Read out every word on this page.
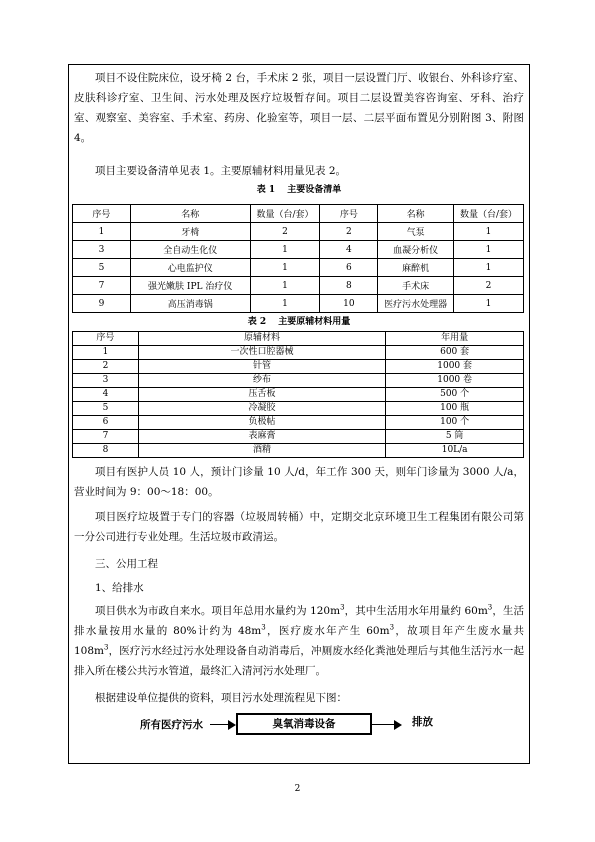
项目不设住院床位，设牙椅 2 台，手术床 2 张，项目一层设置门厅、收银台、外科诊疗室、皮肤科诊疗室、卫生间、污水处理及医疗垃圾暂存间。项目二层设置美容咨询室、牙科、治疗室、观察室、美容室、手术室、药房、化验室等，项目一层、二层平面布置见分别附图 3、附图 4。

项目主要设备清单见表 1。主要原辅材料用量见表 2。

表 1　 主要设备清单
序号	名称	数量（台/套）	序号	名称	数量（台/套）
1	牙椅	2	2	气泵	1
3	全自动生化仪	1	4	血凝分析仪	1
5	心电监护仪	1	6	麻醉机	1
7	强光嫩肤 IPL 治疗仪	1	8	手术床	2
9	高压消毒锅	1	10	医疗污水处理器	1
表 2　 主要原辅材料用量
序号	原辅材料	年用量
1	一次性口腔器械	600 套
2	针管	1000 套
3	纱布	1000 卷
4	压舌板	500 个
5	冷凝胶	100 瓶
6	负极帖	100 个
7	表麻膏	5 筒
8	酒精	10L/a

项目有医护人员 10 人，预计门诊量 10 人/d，年工作 300 天，则年门诊量为 3000 人/a，营业时间为 9：00～18：00。

项目医疗垃圾置于专门的容器（垃圾周转桶）中，定期交北京环境卫生工程集团有限公司第一分公司进行专业处理。生活垃圾市政清运。

三、公用工程
1、给排水

项目供水为市政自来水。项目年总用水量约为 $120m^3$，其中生活用水年用量约 $60m^3$，生活排水量按用水量的 80%计约为 $48m^3$，医疗废水年产生 $60m^3$，故项目年产生废水量共 $108m^3$，医疗污水经过污水处理设备自动消毒后，冲厕废水经化粪池处理后与其他生活污水一起排入所在楼公共污水管道，最终汇入清河污水处理厂。

根据建设单位提供的资料，项目污水处理流程见下图：

所有医疗污水	臭氧消毒设备	排放
2
